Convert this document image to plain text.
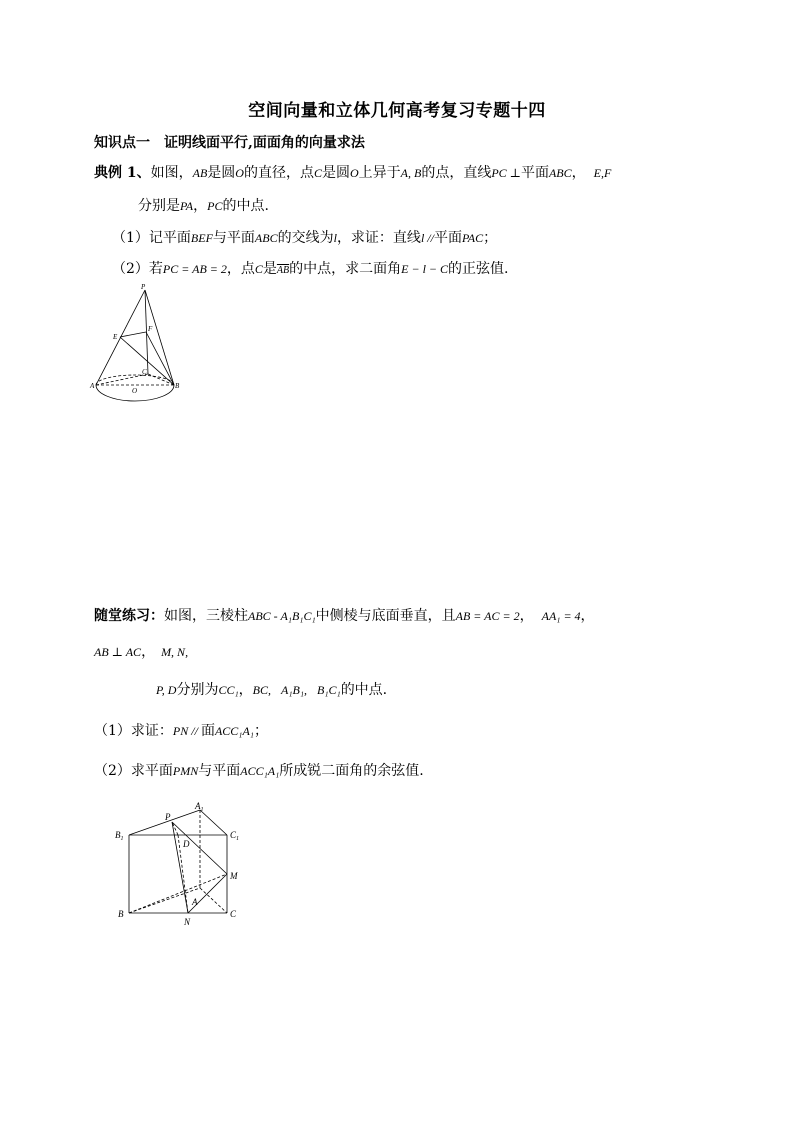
空间向量和立体几何高考复习专题十四
知识点一　证明线面平行,面面角的向量求法
典例 1、如图，AB是圆O的直径，点C是圆O上异于A, B的点，直线PC ⊥平面ABC， E,F
分别是PA，PC的中点.
（1）记平面BEF与平面ABC的交线为l，求证：直线l //平面PAC；
（2）若PC = AB = 2，点C是$\overline{AB}$的中点，求二面角E − l − C的正弦值.
P
E
F
C
A	B
O
随堂练习：如图，三棱柱ABC - A₁B₁C₁中侧棱与底面垂直，且AB = AC = 2， AA₁ = 4，
AB ⊥ AC， M, N,
P, D分别为CC₁，BC, A₁B₁, B₁C₁的中点.
（1）求证：PN // 面ACC₁A₁；
（2）求平面PMN与平面ACC₁A₁所成锐二面角的余弦值.
P
$A_1$
$B_1$	$C_1$
D
M
A
B
N
C
